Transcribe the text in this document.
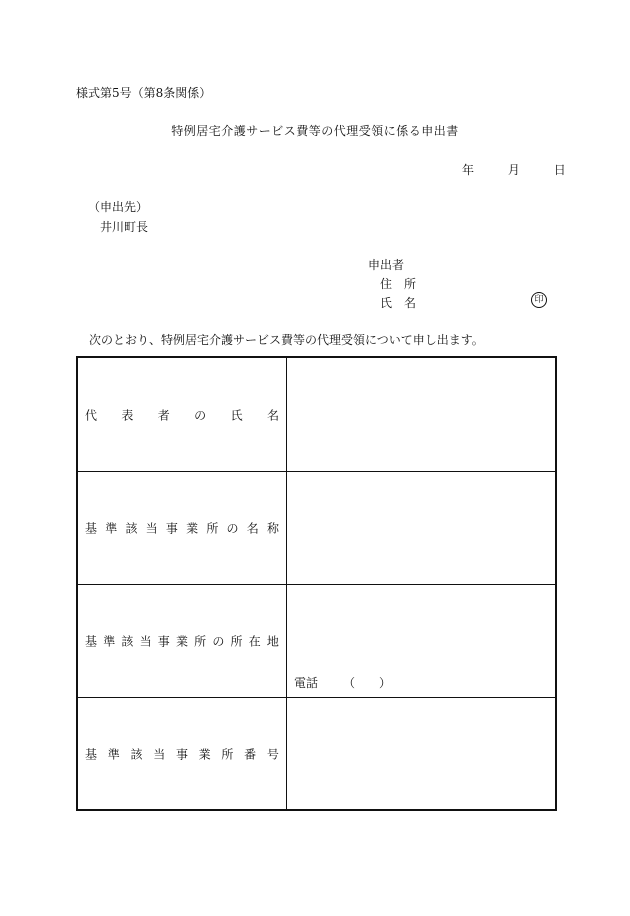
様式第5号（第8条関係）
特例居宅介護サービス費等の代理受領に係る申出書
年	月	日
（申出先）
井川町長
申出者
住所
氏名	印
次のとおり、特例居宅介護サービス費等の代理受領について申し出ます。
代 表 者 の 氏 名
基 準 該 当 事 業 所 の 名 称
基 準 該 当 事 業 所 の 所 在 地
電話 （）
基 準 該 当 事 業 所 番 号
